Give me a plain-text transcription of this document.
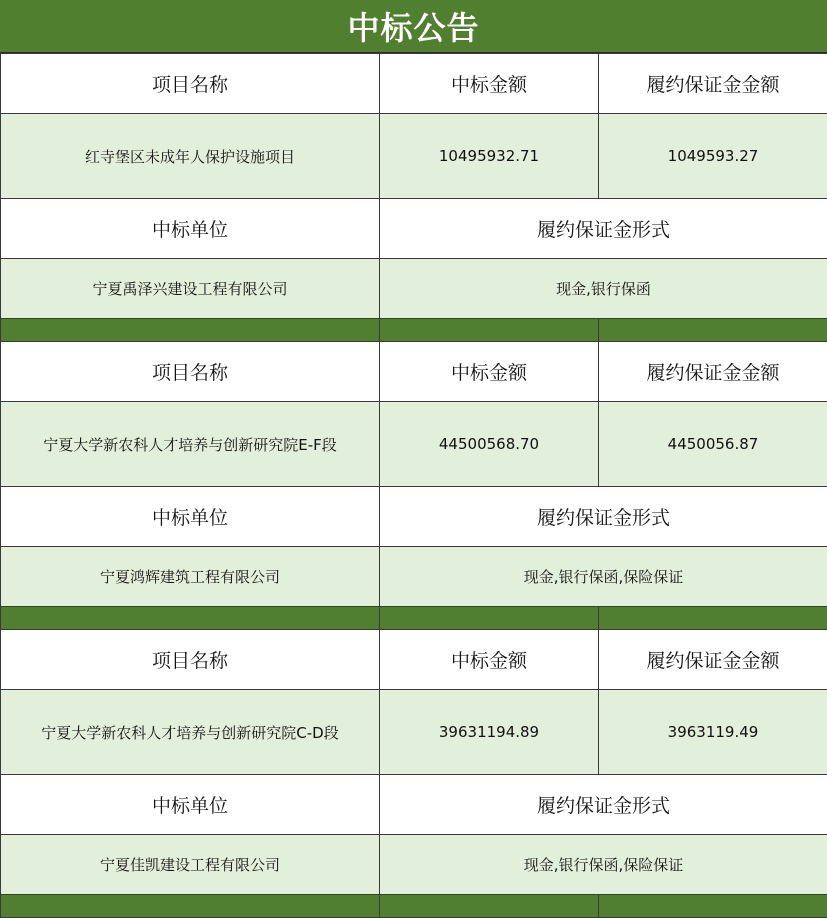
中标公告
项目名称	中标金额	履约保证金金额
红寺堡区未成年人保护设施项目	10495932.71	1049593.27
中标单位	履约保证金形式	
宁夏禹泽兴建设工程有限公司	现金,银行保函	

项目名称	中标金额	履约保证金金额
宁夏大学新农科人才培养与创新研究院E-F段	44500568.70	4450056.87
中标单位	履约保证金形式	
宁夏鸿辉建筑工程有限公司	现金,银行保函,保险保证	

项目名称	中标金额	履约保证金金额
宁夏大学新农科人才培养与创新研究院C-D段	39631194.89	3963119.49
中标单位	履约保证金形式	
宁夏佳凯建设工程有限公司	现金,银行保函,保险保证	
